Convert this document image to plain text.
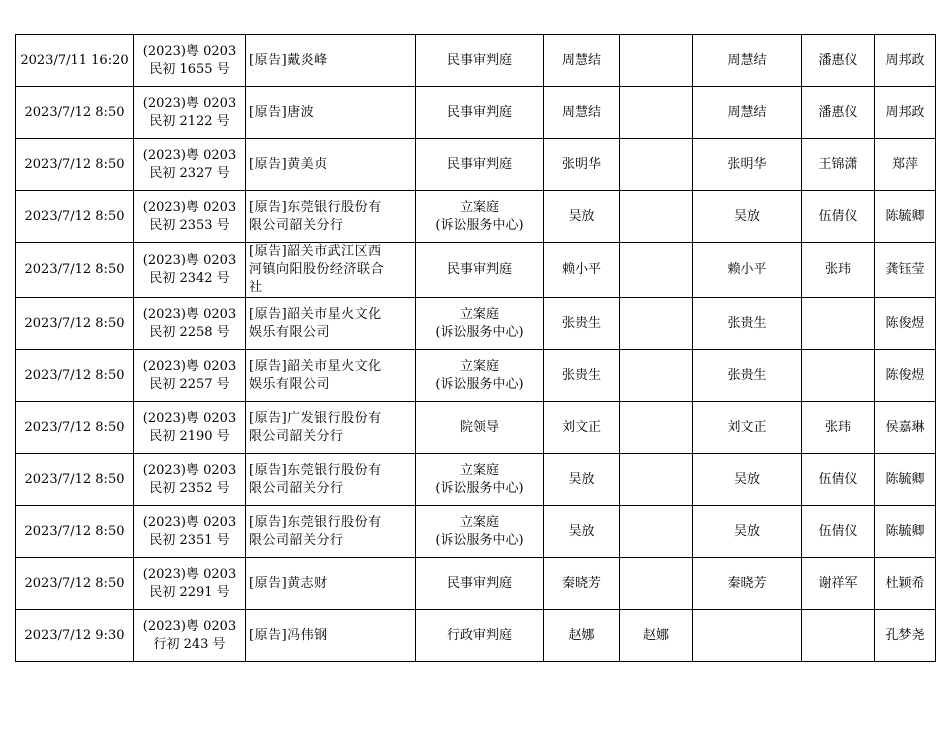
2023/7/11 16:20	(2023)粤 0203
民初 1655 号	[原告]戴炎峰	民事审判庭	周慧结		周慧结	潘惠仪	周邦政
2023/7/12 8:50	(2023)粤 0203
民初 2122 号	[原告]唐波	民事审判庭	周慧结		周慧结	潘惠仪	周邦政
2023/7/12 8:50	(2023)粤 0203
民初 2327 号	[原告]黄美贞	民事审判庭	张明华		张明华	王锦潇	郑萍
2023/7/12 8:50	(2023)粤 0203
民初 2353 号	[原告]东莞银行股份有
限公司韶关分行	立案庭
(诉讼服务中心)	吴放		吴放	伍倩仪	陈毓卿
2023/7/12 8:50	(2023)粤 0203
民初 2342 号	[原告]韶关市武江区西
河镇向阳股份经济联合
社	民事审判庭	赖小平		赖小平	张玮	龚钰莹
2023/7/12 8:50	(2023)粤 0203
民初 2258 号	[原告]韶关市星火文化
娱乐有限公司	立案庭
(诉讼服务中心)	张贵生		张贵生		陈俊煜
2023/7/12 8:50	(2023)粤 0203
民初 2257 号	[原告]韶关市星火文化
娱乐有限公司	立案庭
(诉讼服务中心)	张贵生		张贵生		陈俊煜
2023/7/12 8:50	(2023)粤 0203
民初 2190 号	[原告]广发银行股份有
限公司韶关分行	院领导	刘文正		刘文正	张玮	侯嘉琳
2023/7/12 8:50	(2023)粤 0203
民初 2352 号	[原告]东莞银行股份有
限公司韶关分行	立案庭
(诉讼服务中心)	吴放		吴放	伍倩仪	陈毓卿
2023/7/12 8:50	(2023)粤 0203
民初 2351 号	[原告]东莞银行股份有
限公司韶关分行	立案庭
(诉讼服务中心)	吴放		吴放	伍倩仪	陈毓卿
2023/7/12 8:50	(2023)粤 0203
民初 2291 号	[原告]黄志财	民事审判庭	秦晓芳		秦晓芳	谢祥军	杜颖希
2023/7/12 9:30	(2023)粤 0203
行初 243 号	[原告]冯伟钢	行政审判庭	赵娜	赵娜			孔梦尧
